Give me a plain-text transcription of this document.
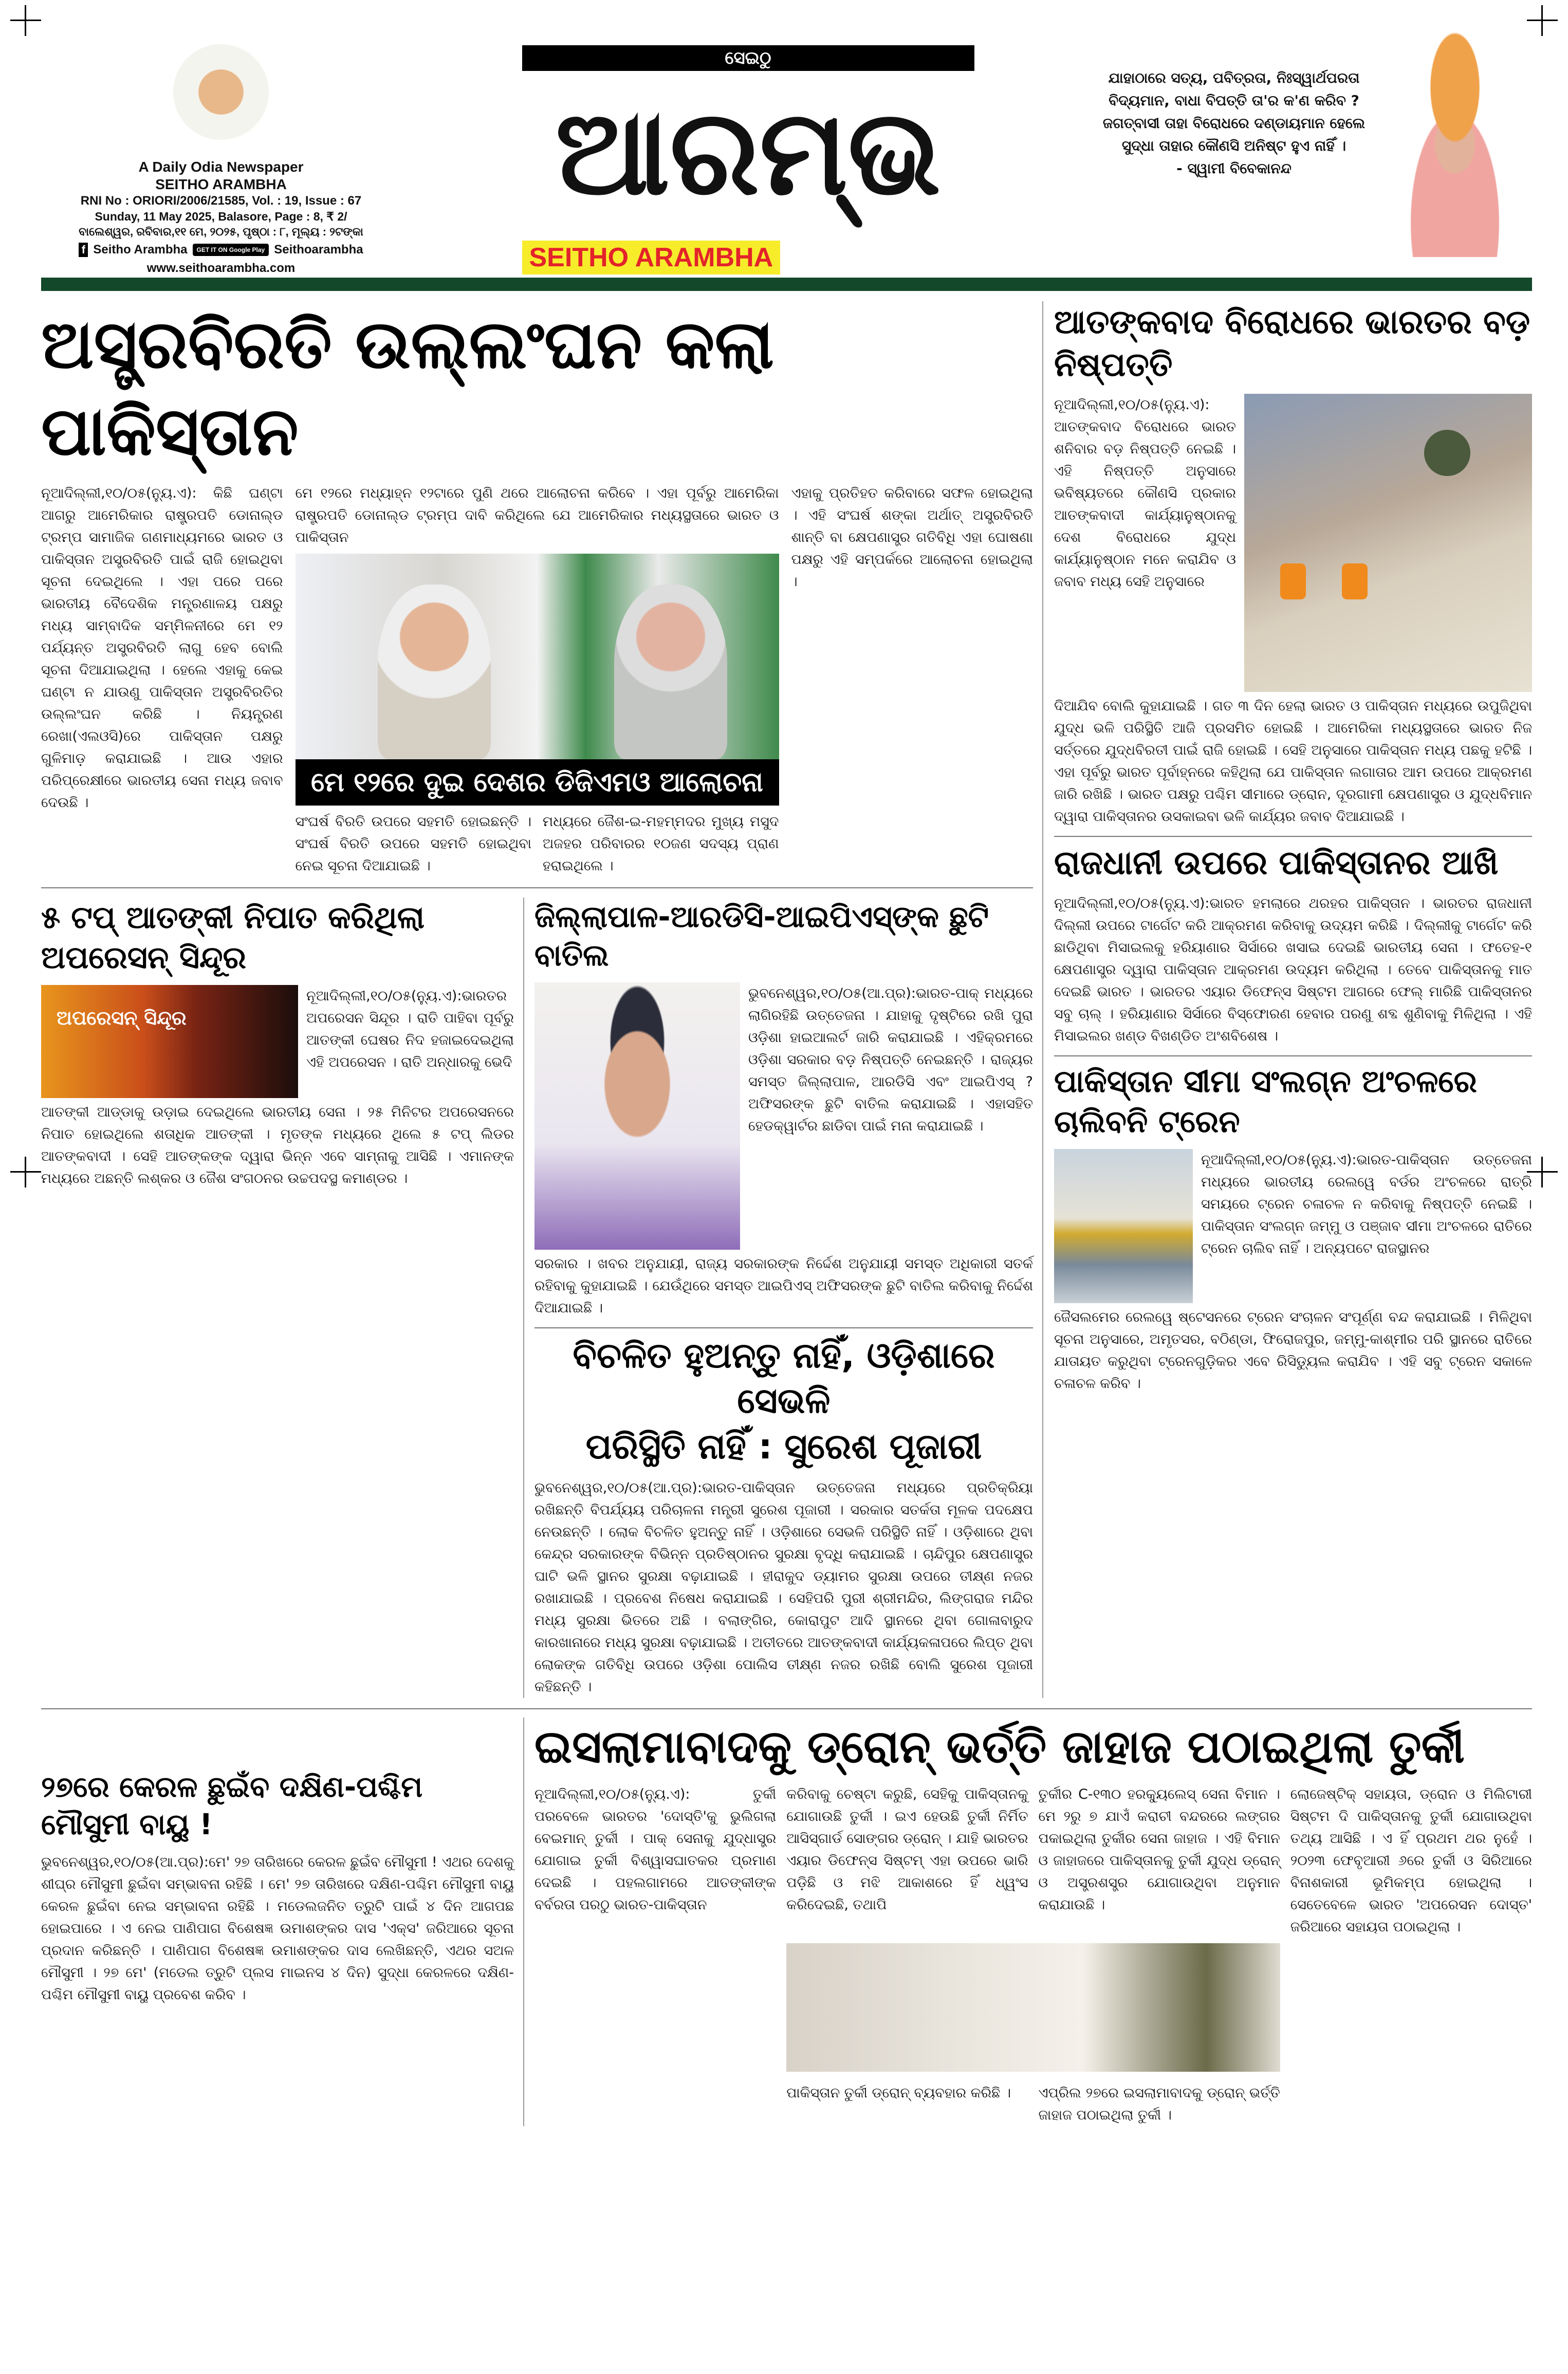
A Daily Odia Newspaper
SEITHO ARAMBHA
RNI No : ORIORI/2006/21585, Vol. : 19, Issue : 67
Sunday, 11 May 2025, Balasore, Page : 8, ₹ 2/
ବାଲେଶ୍ୱର, ରବିବାର,୧୧ ମେ, ୨୦୨୫, ପୃଷ୍ଠା : ୮, ମୂଲ୍ୟ : ୨ଟଙ୍କା
f Seitho Arambha	GET IT ON Google Play Seithoarambha
www.seithoarambha.com
ସେଇଠୁ
ଆରମ୍ଭ
SEITHO ARAMBHA
ଯାହାଠାରେ ସତ୍ୟ, ପବିତ୍ରତା, ନିଃସ୍ୱାର୍ଥପରତା ବିଦ୍ୟମାନ, ବାଧା ବିପତ୍ତି ତା'ର କ'ଣ କରିବ ? ଜଗତ୍‌ବାସୀ ତାହା ବିରୋଧରେ ଦଣ୍ଡାୟମାନ ହେଲେ ସୁଦ୍ଧା ତାହାର କୌଣସି ଅନିଷ୍ଟ ହୁଏ ନାହିଁ ।
- ସ୍ୱାମୀ ବିବେକାନନ୍ଦ
ଅସ୍ତ୍ରବିରତି ଉଲ୍ଲଂଘନ କଲା ପାକିସ୍ତାନ
ନୂଆଦିଲ୍ଲୀ,୧୦/୦୫(ନ୍ୟୁ.ଏ): କିଛି ଘଣ୍ଟା ଆଗରୁ ଆମେରିକାର ରାଷ୍ଟ୍ରପତି ଡୋନାଲ୍ଡ ଟ୍ରମ୍ପ ସାମାଜିକ ଗଣମାଧ୍ୟମରେ ଭାରତ ଓ ପାକିସ୍ତାନ ଅସ୍ତ୍ରବିରତି ପାଇଁ ରାଜି ହୋଇଥିବା ସୂଚନା ଦେଇଥିଲେ । ଏହା ପରେ ପରେ ଭାରତୀୟ ବୈଦେଶିକ ମନ୍ତ୍ରଣାଳୟ ପକ୍ଷରୁ ମଧ୍ୟ ସାମ୍ବାଦିକ ସମ୍ମିଳନୀରେ ମେ ୧୨ ପର୍ଯ୍ୟନ୍ତ ଅସ୍ତ୍ରବିରତି ଲାଗୁ ହେବ ବୋଲି ସୂଚନା ଦିଆଯାଇଥିଲା । ହେଲେ ଏହାକୁ କେଇ ଘଣ୍ଟା ନ ଯାଉଣୁ ପାକିସ୍ତାନ ଅସ୍ତ୍ରବିରତିର ଉଲ୍ଲଂଘନ କରିଛି । ନିୟନ୍ତ୍ରଣ ରେଖା(ଏଲଓସି)ରେ ପାକିସ୍ତାନ ପକ୍ଷରୁ ଗୁଳିମାଡ଼ କରାଯାଇଛି । ଆଉ ଏହାର ପରିପ୍ରେକ୍ଷୀରେ ଭାରତୀୟ ସେନା ମଧ୍ୟ ଜବାବ ଦେଉଛି ।
ମେ ୧୨ରେ ମଧ୍ୟାହ୍ନ ୧୨ଟାରେ ପୁଣି ଥରେ ଆଲୋଚନା କରିବେ । ଏହା ପୂର୍ବରୁ ଆମେରିକା ରାଷ୍ଟ୍ରପତି ଡୋନାଲ୍ଡ ଟ୍ରମ୍ପ ଦାବି କରିଥିଲେ ଯେ ଆମେରିକାର ମଧ୍ୟସ୍ଥତାରେ ଭାରତ ଓ ପାକିସ୍ତାନ
ମେ ୧୨ରେ ଦୁଇ ଦେଶର ଡିଜିଏମଓ ଆଲୋଚନା
ସଂଘର୍ଷ ବିରତି ଉପରେ ସହମତି ହୋଇଛନ୍ତି । ସଂଘର୍ଷ ବିରତି ଉପରେ ସହମତି ହୋଇଥିବା ନେଇ ସୂଚନା ଦିଆଯାଇଛି ।
ମଧ୍ୟରେ ଜୈଶ-ଇ-ମହମ୍ମଦର ମୁଖ୍ୟ ମସୁଦ ଅଜହର ପରିବାରର ୧୦ଜଣ ସଦସ୍ୟ ପ୍ରାଣ ହରାଇଥିଲେ ।
ଏହାକୁ ପ୍ରତିହତ କରିବାରେ ସଫଳ ହୋଇଥିଲା । ଏହି ସଂଘର୍ଷ ଶଙ୍କା ଅର୍ଥାତ୍ ଅସ୍ତ୍ରବିରତି ଶାନ୍ତି ବା କ୍ଷେପଣାସ୍ତ୍ର ଗତିବିଧି ଏହା ଘୋଷଣା ପକ୍ଷରୁ ଏହି ସମ୍ପର୍କରେ ଆଲୋଚନା ହୋଇଥିଲା ।
୫ ଟପ୍ ଆତଙ୍କୀ ନିପାତ କରିଥିଲା ଅପରେସନ୍ ସିନ୍ଦୂର
ଅପରେସନ୍ ସିନ୍ଦୂର
ନୂଆଦିଲ୍ଲୀ,୧୦/୦୫(ନ୍ୟୁ.ଏ):ଭାରତର ଅପରେସନ ସିନ୍ଦୂର । ରାତି ପାହିବା ପୂର୍ବରୁ ଆତଙ୍କୀ ଘେଷର ନିଦ ହଜାଇଦେଇଥିଲା ଏହି ଅପରେସନ । ରାତି ଅନ୍ଧାରକୁ ଭେଦି
ଆତଙ୍କୀ ଆଡ୍ଡାକୁ ଉଡ଼ାଇ ଦେଇଥିଲେ ଭାରତୀୟ ସେନା । ୨୫ ମିନିଟର ଅପରେସନରେ ନିପାତ ହୋଇଥିଲେ ଶତାଧିକ ଆତଙ୍କୀ । ମୃତଙ୍କ ମଧ୍ୟରେ ଥିଲେ ୫ ଟପ୍ ଲିଡର ଆତଙ୍କବାଦୀ । ସେହି ଆତଙ୍କଙ୍କ ଦ୍ୱାରା ଭିନ୍ନ ଏବେ ସାମ୍ନାକୁ ଆସିଛି । ଏମାନଙ୍କ ମଧ୍ୟରେ ଅଛନ୍ତି ଲଶ୍କର ଓ ଜୈଶ ସଂଗଠନର ଉଚ୍ଚପଦସ୍ଥ କମାଣ୍ଡର ।
ଜିଲ୍ଲାପାଳ-ଆରଡିସି-ଆଇପିଏସ୍‌ଙ୍କ ଛୁଟି ବାତିଲ
ଭୁବନେଶ୍ୱର,୧୦/୦୫(ଆ.ପ୍ର):ଭାରତ-ପାକ୍ ମଧ୍ୟରେ ଲାଗିରହିଛି ଉତ୍ତେଜନା । ଯାହାକୁ ଦୃଷ୍ଟିରେ ରଖି ପୁରା ଓଡ଼ିଶା ହାଇଆଲର୍ଟ ଜାରି କରାଯାଇଛି । ଏହିକ୍ରମରେ ଓଡ଼ିଶା ସରକାର ବଡ଼ ନିଷ୍ପତ୍ତି ନେଇଛନ୍ତି । ରାଜ୍ୟର ସମସ୍ତ ଜିଲ୍ଲାପାଳ, ଆରଡିସି ଏବଂ ଆଇପିଏସ୍ ? ଅଫିସରଙ୍କ ଛୁଟି ବାତିଲ କରାଯାଇଛି । ଏହାସହିତ ହେଡକ୍ୱାର୍ଟର ଛାଡିବା ପାଇଁ ମନା କରାଯାଇଛି ।
ସରକାର । ଖବର ଅନୁଯାୟୀ, ରାଜ୍ୟ ସରକାରଙ୍କ ନିର୍ଦ୍ଦେଶ ଅନୁଯାୟୀ ସମସ୍ତ ଅଧିକାରୀ ସତର୍କ ରହିବାକୁ କୁହାଯାଇଛି । ଯେଉଁଥିରେ ସମସ୍ତ ଆଇପିଏସ୍ ଅଫିସରଙ୍କ ଛୁଟି ବାତିଲ କରିବାକୁ ନିର୍ଦ୍ଦେଶ ଦିଆଯାଇଛି ।
ବିଚଳିତ ହୁଅନ୍ତୁ ନାହିଁ, ଓଡ଼ିଶାରେ ସେଭଳି
ପରିସ୍ଥିତି ନାହିଁ : ସୁରେଶ ପୂଜାରୀ
ଭୁବନେଶ୍ୱର,୧୦/୦୫(ଆ.ପ୍ର):ଭାରତ-ପାକିସ୍ତାନ ଉତ୍ତେଜନା ମଧ୍ୟରେ ପ୍ରତିକ୍ରିୟା ରଖିଛନ୍ତି ବିପର୍ଯ୍ୟୟ ପରିଚାଳନା ମନ୍ତ୍ରୀ ସୁରେଶ ପୂଜାରୀ । ସରକାର ସତର୍କତା ମୂଳକ ପଦକ୍ଷେପ ନେଉଛନ୍ତି । ଲୋକ ବିଚଳିତ ହୁଅନ୍ତୁ ନାହିଁ । ଓଡ଼ିଶାରେ ସେଭଳି ପରିସ୍ଥିତି ନାହିଁ । ଓଡ଼ିଶାରେ ଥିବା କେନ୍ଦ୍ର ସରକାରଙ୍କ ବିଭିନ୍ନ ପ୍ରତିଷ୍ଠାନର ସୁରକ୍ଷା ବୃଦ୍ଧି କରାଯାଇଛି । ଚାନ୍ଦିପୁର କ୍ଷେପଣାସ୍ତ୍ର ଘାଟି ଭଳି ସ୍ଥାନର ସୁରକ୍ଷା ବଢ଼ାଯାଇଛି । ହୀରାକୁଦ ଡ୍ୟାମର ସୁରକ୍ଷା ଉପରେ ତୀକ୍ଷ୍ଣ ନଜର ରଖାଯାଇଛି । ପ୍ରବେଶ ନିଷେଧ କରାଯାଇଛି । ସେହିପରି ପୁରୀ ଶ୍ରୀମନ୍ଦିର, ଲିଙ୍ଗରାଜ ମନ୍ଦିର ମଧ୍ୟ ସୁରକ୍ଷା ଭିତରେ ଅଛି । ବଲାଙ୍ଗିର, କୋରାପୁଟ ଆଦି ସ୍ଥାନରେ ଥିବା ଗୋଳାବାରୁଦ କାରଖାନାରେ ମଧ୍ୟ ସୁରକ୍ଷା ବଢ଼ାଯାଇଛି । ଅତୀତରେ ଆତଙ୍କବାଦୀ କାର୍ଯ୍ୟକଳାପରେ ଲିପ୍ତ ଥିବା ଲୋକଙ୍କ ଗତିବିଧି ଉପରେ ଓଡ଼ିଶା ପୋଲିସ ତୀକ୍ଷ୍ଣ ନଜର ରଖିଛି ବୋଲି ସୁରେଶ ପୂଜାରୀ କହିଛନ୍ତି ।
ଆତଙ୍କବାଦ ବିରୋଧରେ ଭାରତର ବଡ଼ ନିଷ୍ପତ୍ତି
ନୂଆଦିଲ୍ଲୀ,୧୦/୦୫(ନ୍ୟୁ.ଏ): ଆତଙ୍କବାଦ ବିରୋଧରେ ଭାରତ ଶନିବାର ବଡ଼ ନିଷ୍ପତ୍ତି ନେଇଛି । ଏହି ନିଷ୍ପତ୍ତି ଅନୁସାରେ ଭବିଷ୍ୟତରେ କୌଣସି ପ୍ରକାର ଆତଙ୍କବାଦୀ କାର୍ଯ୍ୟାନୁଷ୍ଠାନକୁ ଦେଶ ବିରୋଧରେ ଯୁଦ୍ଧ କାର୍ଯ୍ୟାନୁଷ୍ଠାନ ମନେ କରାଯିବ ଓ ଜବାବ ମଧ୍ୟ ସେହି ଅନୁସାରେ
ଦିଆଯିବ ବୋଲି କୁହାଯାଇଛି । ଗତ ୩ ଦିନ ହେଲା ଭାରତ ଓ ପାକିସ୍ତାନ ମଧ୍ୟରେ ଉପୁଜିଥିବା ଯୁଦ୍ଧ ଭଳି ପରିସ୍ଥିତି ଆଜି ପ୍ରସମିତ ହୋଇଛି । ଆମେରିକା ମଧ୍ୟସ୍ଥତାରେ ଭାରତ ନିଜ ସର୍ତ୍ତରେ ଯୁଦ୍ଧବିରତୀ ପାଇଁ ରାଜି ହୋଇଛି । ସେହି ଅନୁସାରେ ପାକିସ୍ତାନ ମଧ୍ୟ ପଛକୁ ହଟିଛି । ଏହା ପୂର୍ବରୁ ଭାରତ ପୂର୍ବାହ୍ନରେ କହିଥିଲା ଯେ ପାକିସ୍ତାନ ଲଗାତାର ଆମ ଉପରେ ଆକ୍ରମଣ ଜାରି ରଖିଛି । ଭାରତ ପକ୍ଷରୁ ପଶ୍ଚିମ ସୀମାରେ ଡ୍ରୋନ, ଦୂରଗାମୀ କ୍ଷେପଣାସ୍ତ୍ର ଓ ଯୁଦ୍ଧବିମାନ ଦ୍ୱାରା ପାକିସ୍ତାନର ଉସକାଇବା ଭଳି କାର୍ଯ୍ୟର ଜବାବ ଦିଆଯାଇଛି ।
ରାଜଧାନୀ ଉପରେ ପାକିସ୍ତାନର ଆଖି
ନୂଆଦିଲ୍ଲୀ,୧୦/୦୫(ନ୍ୟୁ.ଏ):ଭାରତ ହମଲାରେ ଥରହର ପାକିସ୍ତାନ । ଭାରତର ରାଜଧାନୀ ଦିଲ୍ଲୀ ଉପରେ ଟାର୍ଗେଟ କରି ଆକ୍ରମଣ କରିବାକୁ ଉଦ୍ୟମ କରିଛି । ଦିଲ୍ଲୀକୁ ଟାର୍ଗେଟ କରି ଛାଡିଥିବା ମିସାଇଲକୁ ହରିୟାଣାର ସିର୍ସାରେ ଖସାଇ ଦେଇଛି ଭାରତୀୟ ସେନା । ଫତେହ-୧ କ୍ଷେପଣାସ୍ତ୍ର ଦ୍ୱାରା ପାକିସ୍ତାନ ଆକ୍ରମଣ ଉଦ୍ୟମ କରିଥିଲା । ତେବେ ପାକିସ୍ତାନକୁ ମାତ ଦେଇଛି ଭାରତ । ଭାରତର ଏୟାର ଡିଫେନ୍ସ ସିଷ୍ଟମ ଆଗରେ ଫେଲ୍ ମାରିଛି ପାକିସ୍ତାନର ସବୁ ଚାଲ୍ । ହରିୟାଣାର ସିର୍ସାରେ ବିସ୍ଫୋରଣ ହେବାର ପରଣୁ ଶବ୍ଦ ଶୁଣିବାକୁ ମିଳିଥିଲା । ଏହି ମିସାଇଲର ଖଣ୍ଡ ବିଖଣ୍ଡିତ ଅଂଶବିଶେଷ ।
ପାକିସ୍ତାନ ସୀମା ସଂଲଗ୍ନ ଅଂଚଳରେ ଚାଲିବନି ଟ୍ରେନ
ନୂଆଦିଲ୍ଲୀ,୧୦/୦୫(ନ୍ୟୁ.ଏ):ଭାରତ-ପାକିସ୍ତାନ ଉତ୍ତେଜନା ମଧ୍ୟରେ ଭାରତୀୟ ରେଲୱେ ବର୍ଡର ଅଂଚଳରେ ରାତ୍ରି ସମୟରେ ଟ୍ରେନ ଚଳାଚଳ ନ କରିବାକୁ ନିଷ୍ପତ୍ତି ନେଇଛି । ପାକିସ୍ତାନ ସଂଲଗ୍ନ ଜମ୍ମୁ ଓ ପଞ୍ଜାବ ସୀମା ଅଂଚଳରେ ରାତିରେ ଟ୍ରେନ ଚାଲିବ ନାହିଁ । ଅନ୍ୟପଟେ ରାଜସ୍ଥାନର
ଜୈସଲମେର ରେଲୱେ ଷ୍ଟେସନରେ ଟ୍ରେନ ସଂଚାଳନ ସଂପୂର୍ଣ୍ଣ ବନ୍ଦ କରାଯାଇଛି । ମିଳିଥିବା ସୂଚନା ଅନୁସାରେ, ଅମୃତସର, ବଠିଣ୍ଡା, ଫିରୋଜପୁର, ଜମ୍ମୁ-କାଶ୍ମୀର ପରି ସ୍ଥାନରେ ରାତିରେ ଯାତାୟତ କରୁଥିବା ଟ୍ରେନଗୁଡ଼ିକର ଏବେ ରିସିଡ୍ୟୁଲ କରାଯିବ । ଏହି ସବୁ ଟ୍ରେନ ସକାଳେ ଚଳାଚଳ କରିବ ।
୨୭ରେ କେରଳ ଛୁଇଁବ ଦକ୍ଷିଣ-ପଶ୍ଚିମ ମୌସୁମୀ ବାୟୁ !
ଭୁବନେଶ୍ୱର,୧୦/୦୫(ଆ.ପ୍ର):ମେ' ୨୭ ତାରିଖରେ କେରଳ ଛୁଇଁବ ମୌସୁମୀ ! ଏଥର ଦେଶକୁ ଶୀଘ୍ର ମୌସୁମୀ ଛୁଇଁବା ସମ୍ଭାବନା ରହିଛି । ମେ' ୨୭ ତାରିଖରେ ଦକ୍ଷିଣ-ପଶ୍ଚିମ ମୌସୁମୀ ବାୟୁ କେରଳ ଛୁଇଁବା ନେଇ ସମ୍ଭାବନା ରହିଛି । ମଡେଲଜନିତ ତ୍ରୁଟି ପାଇଁ ୪ ଦିନ ଆଗପଛ ହୋଇପାରେ । ଏ ନେଇ ପାଣିପାଗ ବିଶେଷଜ୍ଞ ଉମାଶଙ୍କର ଦାସ 'ଏକ୍ସ' ଜରିଆରେ ସୂଚନା ପ୍ରଦାନ କରିଛନ୍ତି । ପାଣିପାଗ ବିଶେଷଜ୍ଞ ଉମାଶଙ୍କର ଦାସ ଲେଖିଛନ୍ତି, ଏଥର ସଅଳ ମୌସୁମୀ । ୨୭ ମେ' (ମଡେଲ ତ୍ରୁଟି ପ୍ଲସ ମାଇନସ ୪ ଦିନ) ସୁଦ୍ଧା କେରଳରେ ଦକ୍ଷିଣ-ପଶ୍ଚିମ ମୌସୁମୀ ବାୟୁ ପ୍ରବେଶ କରିବ ।
ଇସଲାମାବାଦକୁ ଡ୍ରୋନ୍ ଭର୍ତ୍ତି ଜାହାଜ ପଠାଇଥିଲା ତୁର୍କୀ
ନୂଆଦିଲ୍ଲୀ,୧୦/୦୫(ନ୍ୟୁ.ଏ): ତୁର୍କୀ ପରବେଳେ ଭାରତର 'ଦୋସ୍ତି'କୁ ଭୁଲିଗଲା ବେଇମାନ୍ ତୁର୍କୀ । ପାକ୍ ସେନାକୁ ଯୁଦ୍ଧାସ୍ତ୍ର ଯୋଗାଇ ତୁର୍କୀ ବିଶ୍ୱାସଘାତକର ପ୍ରମାଣ ଦେଇଛି । ପହଲଗାମରେ ଆତଙ୍କୀଙ୍କ ବର୍ବରତା ପରଠୁ ଭାରତ-ପାକିସ୍ତାନ
କରିବାକୁ ଚେଷ୍ଟା କରୁଛି, ସେହିକୁ ପାକିସ୍ତାନକୁ ଯୋଗାଉଛି ତୁର୍କୀ । ଇଏ ହେଉଛି ତୁର୍କୀ ନିର୍ମିତ ଆସିସ୍ଗାର୍ଡ ସୋଙ୍ଗର ଡ୍ରୋନ୍ । ଯାହି ଭାରତର ଏୟାର ଡିଫେନ୍ସ ସିଷ୍ଟମ୍ ଏହା ଉପରେ ଭାରି ପଡ଼ିଛି ଓ ମଝି ଆକାଶରେ ହିଁ ଧ୍ୱଂସ କରିଦେଇଛି, ତଥାପି
ତୁର୍କୀର C-୧୩୦ ହରକ୍ୟୁଲେସ୍ ସେନା ବିମାନ । ମେ ୨ରୁ ୭ ଯାଏଁ କରାଚୀ ବନ୍ଦରରେ ଲଙ୍ଗର ପକାଇଥିଲା ତୁର୍କୀର ସେନା ଜାହାଜ । ଏହି ବିମାନ ଓ ଜାହାଜରେ ପାକିସ୍ତାନକୁ ତୁର୍କୀ ଯୁଦ୍ଧ ଡ୍ରୋନ୍ ଓ ଅସ୍ତ୍ରଶସ୍ତ୍ର ଯୋଗାଉଥିବା ଅନୁମାନ କରାଯାଉଛି ।
ଲୋଜେଷ୍ଟିକ୍ ସହାୟତା, ଡ୍ରୋନ ଓ ମିଲିଟାରୀ ସିଷ୍ଟମ ଦି ପାକିସ୍ତାନକୁ ତୁର୍କୀ ଯୋଗାଉଥିବା ତଥ୍ୟ ଆସିଛି । ଏ ହିଁ ପ୍ରଥମ ଥର ନୁହେଁ । ୨୦୨୩ ଫେବୃଆରୀ ୬ରେ ତୁର୍କୀ ଓ ସିରିଆରେ ବିନାଶକାରୀ ଭୂମିକମ୍ପ ହୋଇଥିଲା । ସେତେବେଳେ ଭାରତ 'ଅପରେସନ ଦୋସ୍ତ' ଜରିଆରେ ସହାୟତା ପଠାଇଥିଲା ।
ପାକିସ୍ତାନ ତୁର୍କୀ ଡ୍ରୋନ୍ ବ୍ୟବହାର କରିଛି ।	ଏପ୍ରିଲ ୨୭ରେ ଇସଲାମାବାଦକୁ ଡ୍ରୋନ୍ ଭର୍ତ୍ତି ଜାହାଜ ପଠାଇଥିଲା ତୁର୍କୀ ।
